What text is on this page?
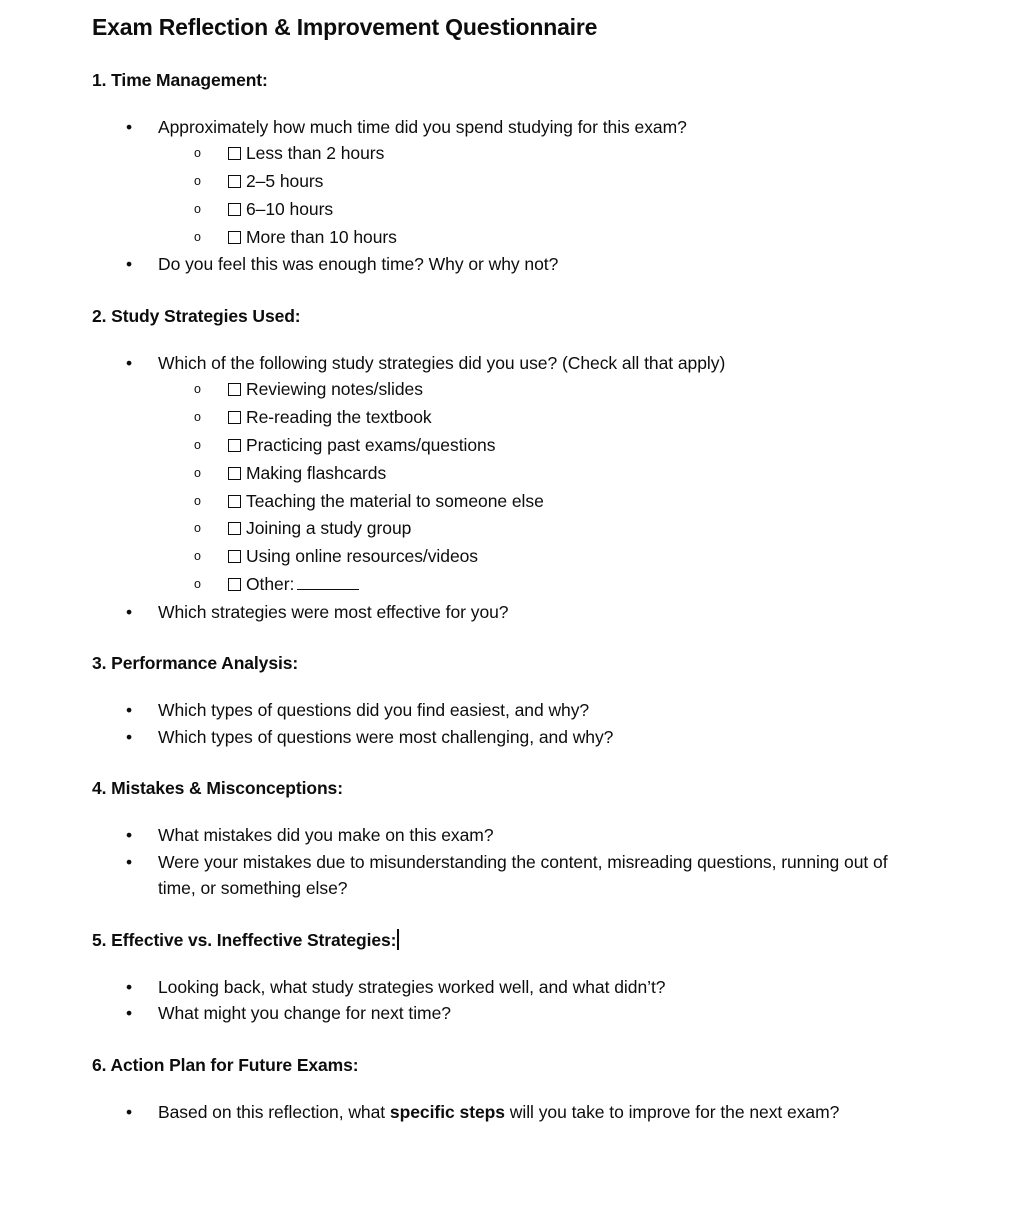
Exam Reflection & Improvement Questionnaire
1. Time Management:
• Approximately how much time did you spend studying for this exam?
o	Less than 2 hours
o	2–5 hours
o	6–10 hours
o	More than 10 hours
• Do you feel this was enough time? Why or why not?
2. Study Strategies Used:
• Which of the following study strategies did you use? (Check all that apply)
o	Reviewing notes/slides
o	Re-reading the textbook
o	Practicing past exams/questions
o	Making flashcards
o	Teaching the material to someone else
o	Joining a study group
o	Using online resources/videos
o	Other:
• Which strategies were most effective for you?
3. Performance Analysis:
• Which types of questions did you find easiest, and why?
• Which types of questions were most challenging, and why?
4. Mistakes & Misconceptions:
• What mistakes did you make on this exam?
• Were your mistakes due to misunderstanding the content, misreading questions, running out of time, or something else?
5. Effective vs. Ineffective Strategies:
• Looking back, what study strategies worked well, and what didn’t?
• What might you change for next time?
6. Action Plan for Future Exams:
• Based on this reflection, what specific steps will you take to improve for the next exam?
